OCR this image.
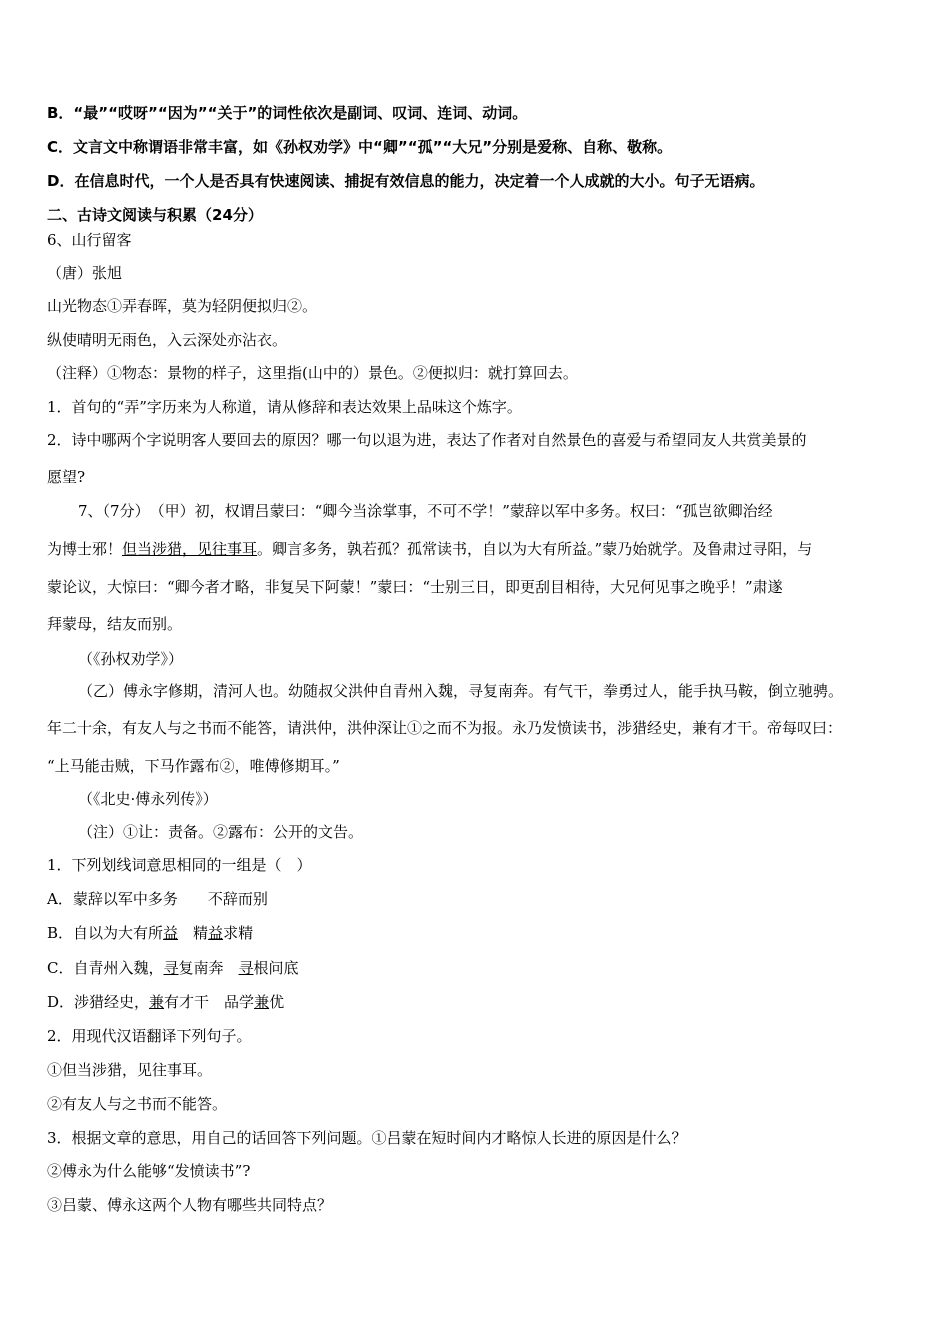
B．“最”“哎呀”“因为”“关于”的词性依次是副词、叹词、连词、动词。
C．文言文中称谓语非常丰富，如《孙权劝学》中“卿”“孤”“大兄”分别是爱称、自称、敬称。
D．在信息时代，一个人是否具有快速阅读、捕捉有效信息的能力，决定着一个人成就的大小。句子无语病。
二、古诗文阅读与积累（24分）
6、山行留客
（唐）张旭
山光物态①弄春晖，莫为轻阴便拟归②。
纵使晴明无雨色，入云深处亦沾衣。
（注释）①物态：景物的样子，这里指(山中的）景色。②便拟归：就打算回去。
1．首句的“弄”字历来为人称道，请从修辞和表达效果上品味这个炼字。
2．诗中哪两个字说明客人要回去的原因？哪一句以退为进，表达了作者对自然景色的喜爱与希望同友人共赏美景的
愿望?
7、（7分）　（甲）初，权谓吕蒙曰：“卿今当涂掌事，不可不学！”蒙辞以军中多务。权曰：“孤岂欲卿治经
为博士邪！但当涉猎，见往事耳。卿言多务，孰若孤？孤常读书，自以为大有所益。”蒙乃始就学。及鲁肃过寻阳，与
蒙论议，大惊曰：“卿今者才略，非复吴下阿蒙！”蒙曰：“士别三日，即更刮目相待，大兄何见事之晚乎！”肃遂
拜蒙母，结友而别。
（《孙权劝学》）
（乙）傅永字修期，清河人也。幼随叔父洪仲自青州入魏，寻复南奔。有气干，拳勇过人，能手执马鞍，倒立驰骋。
年二十余，有友人与之书而不能答，请洪仲，洪仲深让①之而不为报。永乃发愤读书，涉猎经史，兼有才干。帝每叹曰：
“上马能击贼，下马作露布②，唯傅修期耳。”
（《北史·傅永列传》）
（注）①让：责备。②露布：公开的文告。
1．下列划线词意思相同的一组是（　）
A．蒙辞以军中多务　　不辞而别
B．自以为大有所益　精益求精
C．自青州入魏，寻复南奔　寻根问底
D．涉猎经史，兼有才干　品学兼优
2．用现代汉语翻译下列句子。
①但当涉猎，见往事耳。
②有友人与之书而不能答。
3．根据文章的意思，用自己的话回答下列问题。①吕蒙在短时间内才略惊人长进的原因是什么？
②傅永为什么能够“发愤读书”?
③吕蒙、傅永这两个人物有哪些共同特点？
